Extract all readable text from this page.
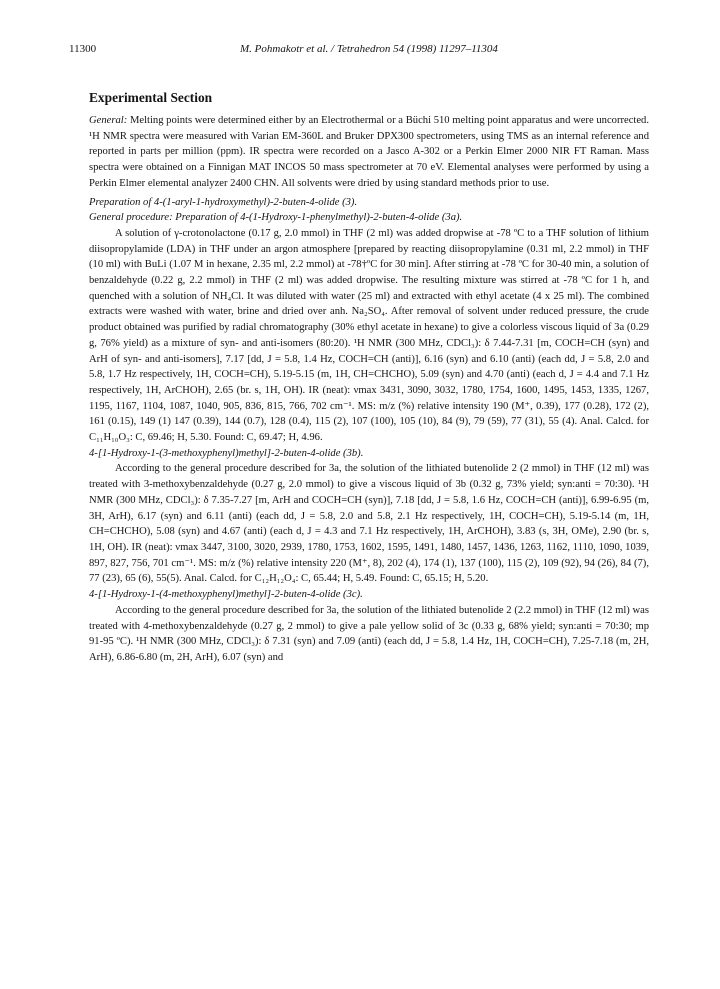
11300	M. Pohmakotr et al. / Tetrahedron 54 (1998) 11297–11304
Experimental Section

General: Melting points were determined either by an Electrothermal or a Büchi 510 melting point apparatus and were uncorrected. ¹H NMR spectra were measured with Varian EM-360L and Bruker DPX300 spectrometers, using TMS as an internal reference and reported in parts per million (ppm). IR spectra were recorded on a Jasco A-302 or a Perkin Elmer 2000 NIR FT Raman. Mass spectra were obtained on a Finnigan MAT INCOS 50 mass spectrometer at 70 eV. Elemental analyses were performed by using a Perkin Elmer elemental analyzer 2400 CHN. All solvents were dried by using standard methods prior to use.

Preparation of 4-(1-aryl-1-hydroxymethyl)-2-buten-4-olide (3).

General procedure: Preparation of 4-(1-Hydroxy-1-phenylmethyl)-2-buten-4-olide (3a).

A solution of γ-crotonolactone (0.17 g, 2.0 mmol) in THF (2 ml) was added dropwise at -78 ºC to a THF solution of lithium diisopropylamide (LDA) in THF under an argon atmosphere [prepared by reacting diisopropylamine (0.31 ml, 2.2 mmol) in THF (10 ml) with BuLi (1.07 M in hexane, 2.35 ml, 2.2 mmol) at -78†ºC for 30 min]. After stirring at -78 ºC for 30-40 min, a solution of benzaldehyde (0.22 g, 2.2 mmol) in THF (2 ml) was added dropwise. The resulting mixture was stirred at -78 ºC for 1 h, and quenched with a solution of NH₄Cl. It was diluted with water (25 ml) and extracted with ethyl acetate (4 x 25 ml). The combined extracts were washed with water, brine and dried over anh. Na₂SO₄. After removal of solvent under reduced pressure, the crude product obtained was purified by radial chromatography (30% ethyl acetate in hexane) to give a colorless viscous liquid of 3a (0.29 g, 76% yield) as a mixture of syn- and anti-isomers (80:20). ¹H NMR (300 MHz, CDCl₃): δ 7.44-7.31 [m, COCH=CH (syn) and ArH of syn- and anti-isomers], 7.17 [dd, J = 5.8, 1.4 Hz, COCH=CH (anti)], 6.16 (syn) and 6.10 (anti) (each dd, J = 5.8, 2.0 and 5.8, 1.7 Hz respectively, 1H, COCH=CH), 5.19-5.15 (m, 1H, CH=CHCHO), 5.09 (syn) and 4.70 (anti) (each d, J = 4.4 and 7.1 Hz respectively, 1H, ArCHOH), 2.65 (br. s, 1H, OH). IR (neat): νmax 3431, 3090, 3032, 1780, 1754, 1600, 1495, 1453, 1335, 1267, 1195, 1167, 1104, 1087, 1040, 905, 836, 815, 766, 702 cm⁻¹. MS: m/z (%) relative intensity 190 (M⁺, 0.39), 177 (0.28), 172 (2), 161 (0.15), 149 (1) 147 (0.39), 144 (0.7), 128 (0.4), 115 (2), 107 (100), 105 (10), 84 (9), 79 (59), 77 (31), 55 (4). Anal. Calcd. for C₁₁H₁₀O₃: C, 69.46; H, 5.30. Found: C, 69.47; H, 4.96.

4-[1-Hydroxy-1-(3-methoxyphenyl)methyl]-2-buten-4-olide (3b).

According to the general procedure described for 3a, the solution of the lithiated butenolide 2 (2 mmol) in THF (12 ml) was treated with 3-methoxybenzaldehyde (0.27 g, 2.0 mmol) to give a viscous liquid of 3b (0.32 g, 73% yield; syn:anti = 70:30). ¹H NMR (300 MHz, CDCl₃): δ 7.35-7.27 [m, ArH and COCH=CH (syn)], 7.18 [dd, J = 5.8, 1.6 Hz, COCH=CH (anti)], 6.99-6.95 (m, 3H, ArH), 6.17 (syn) and 6.11 (anti) (each dd, J = 5.8, 2.0 and 5.8, 2.1 Hz respectively, 1H, COCH=CH), 5.19-5.14 (m, 1H, CH=CHCHO), 5.08 (syn) and 4.67 (anti) (each d, J = 4.3 and 7.1 Hz respectively, 1H, ArCHOH), 3.83 (s, 3H, OMe), 2.90 (br. s, 1H, OH). IR (neat): νmax 3447, 3100, 3020, 2939, 1780, 1753, 1602, 1595, 1491, 1480, 1457, 1436, 1263, 1162, 1110, 1090, 1039, 897, 827, 756, 701 cm⁻¹. MS: m/z (%) relative intensity 220 (M⁺, 8), 202 (4), 174 (1), 137 (100), 115 (2), 109 (92), 94 (26), 84 (7), 77 (23), 65 (6), 55(5). Anal. Calcd. for C₁₂H₁₂O₄: C, 65.44; H, 5.49. Found: C, 65.15; H, 5.20.

4-[1-Hydroxy-1-(4-methoxyphenyl)methyl]-2-buten-4-olide (3c).

According to the general procedure described for 3a, the solution of the lithiated butenolide 2 (2.2 mmol) in THF (12 ml) was treated with 4-methoxybenzaldehyde (0.27 g, 2 mmol) to give a pale yellow solid of 3c (0.33 g, 68% yield; syn:anti = 70:30; mp 91-95 ºC). ¹H NMR (300 MHz, CDCl₃): δ 7.31 (syn) and 7.09 (anti) (each dd, J = 5.8, 1.4 Hz, 1H, COCH=CH), 7.25-7.18 (m, 2H, ArH), 6.86-6.80 (m, 2H, ArH), 6.07 (syn) and
